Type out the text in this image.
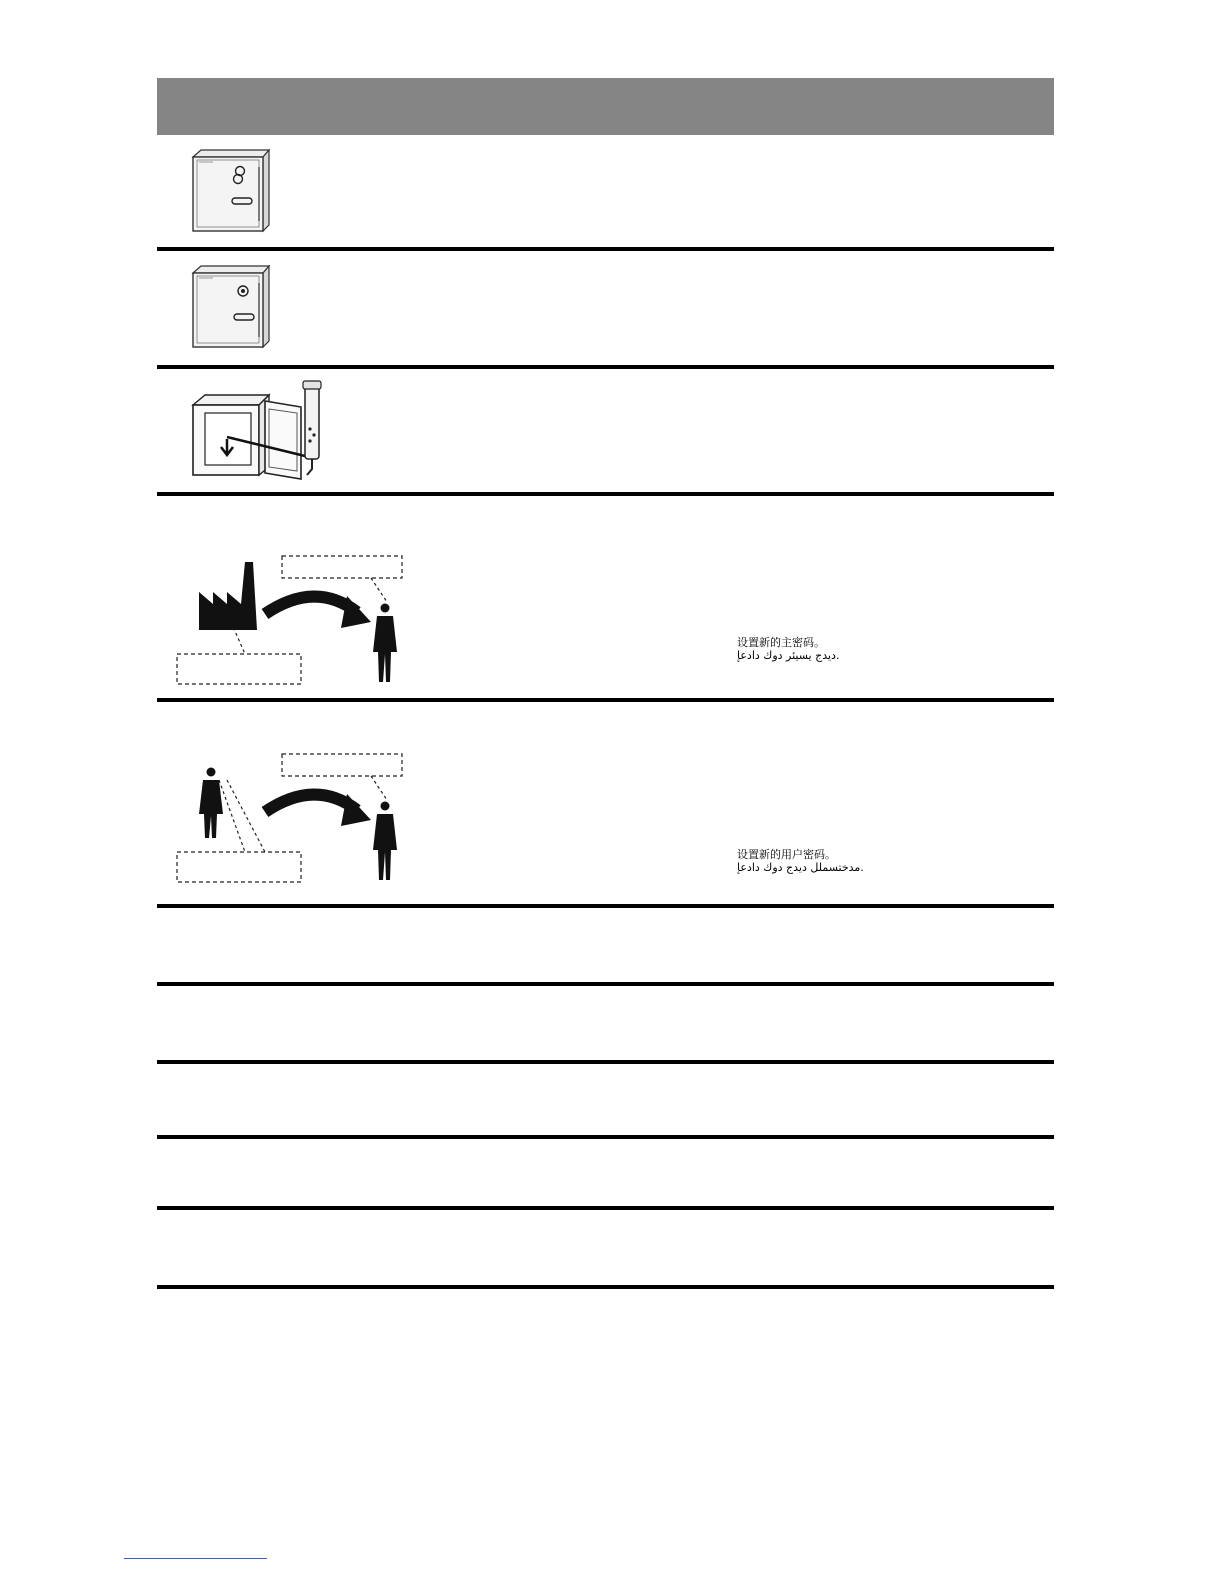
设置新的主密码。
.ديدج يسيئر دوك دادعإ
设置新的用户密码。
.مدختسملل ديدج دوك دادعإ
